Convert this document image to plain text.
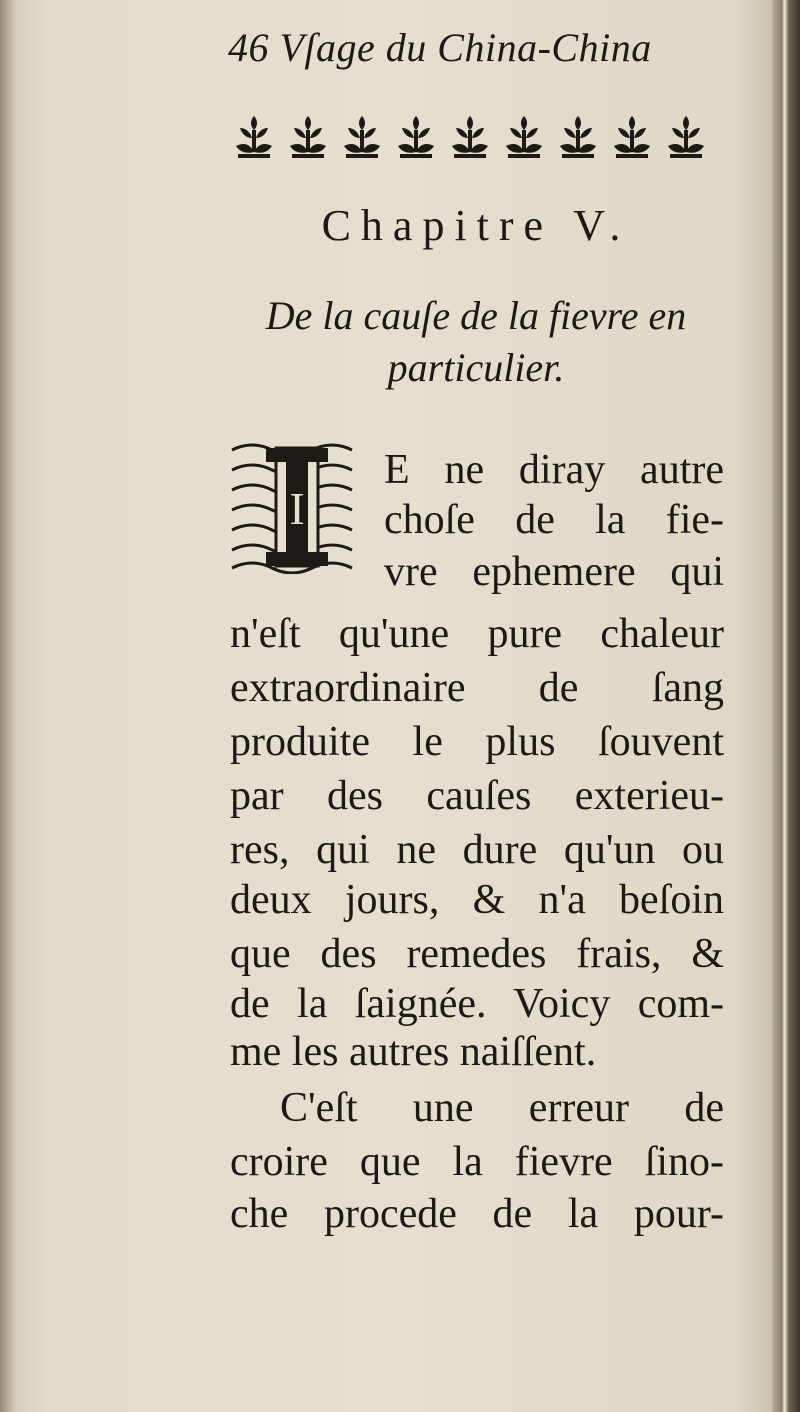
46 Vſage du China-China
Chapitre V.
De la cauſe de la fievre en
particulier.
I
E ne diray autre
choſe de la fie-
vre ephemere qui
n'eſt qu'une pure chaleur
extraordinaire de ſang
produite le plus ſouvent
par des cauſes exterieu-
res, qui ne dure qu'un ou
deux jours, & n'a beſoin
que des remedes frais, &
de la ſaignée. Voicy com-
me les autres naiſſent.
C'eſt une erreur de
croire que la fievre ſino-
che procede de la pour-
